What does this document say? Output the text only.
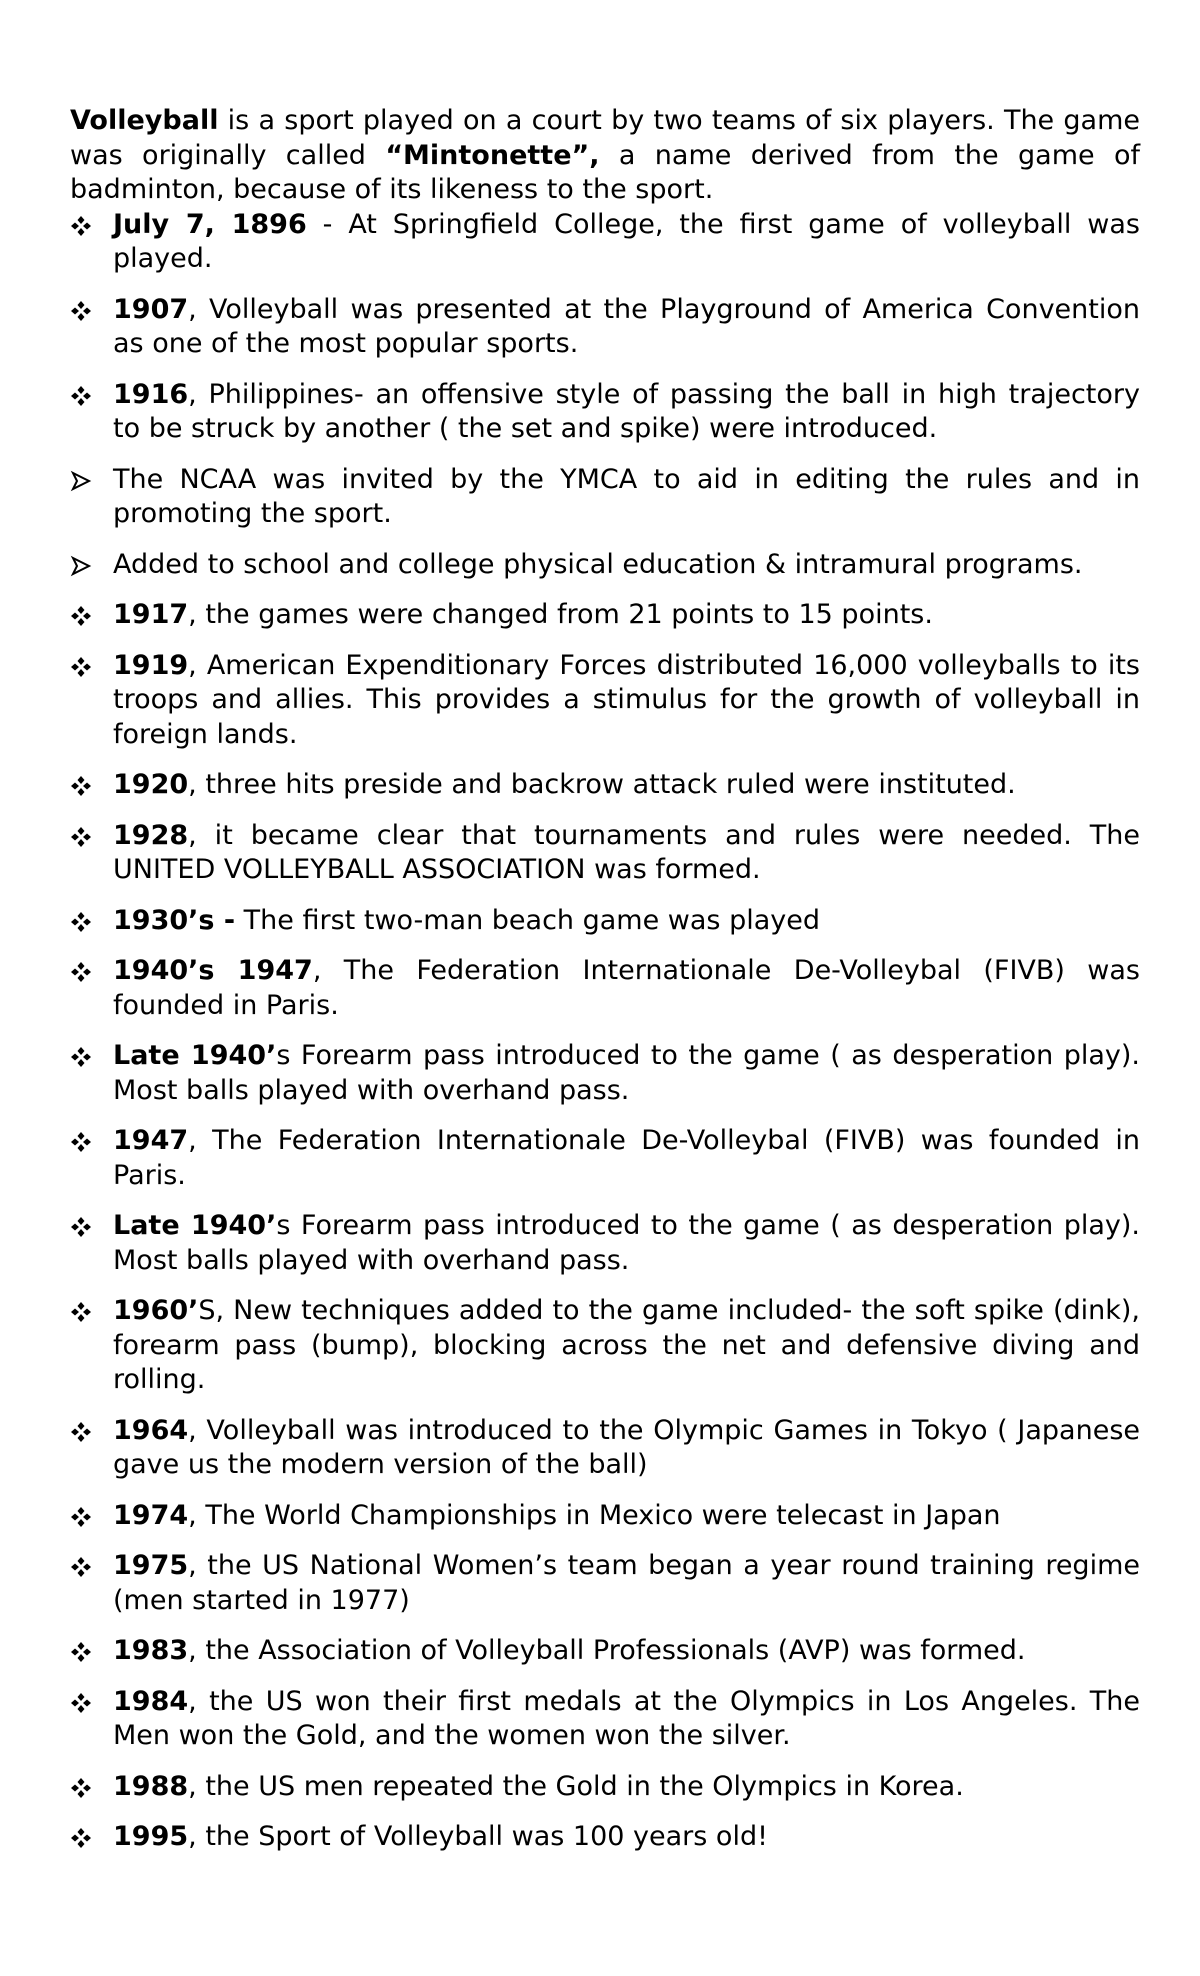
Volleyball is a sport played on a court by two teams of six players. The game was originally called “Mintonette”, a name derived from the game of badminton, because of its likeness to the sport.

July 7, 1896 - At Springfield College, the first game of volleyball was played.
1907, Volleyball was presented at the Playground of America Convention as one of the most popular sports.
1916, Philippines- an offensive style of passing the ball in high trajectory to be struck by another ( the set and spike) were introduced.
The NCAA was invited by the YMCA to aid in editing the rules and in promoting the sport.
Added to school and college physical education & intramural programs.
1917, the games were changed from 21 points to 15 points.
1919, American Expenditionary Forces distributed 16,000 volleyballs to its troops and allies. This provides a stimulus for the growth of volleyball in foreign lands.
1920, three hits preside and backrow attack ruled were instituted.
1928, it became clear that tournaments and rules were needed. The UNITED VOLLEYBALL ASSOCIATION was formed.
1930’s - The first two-man beach game was played
1940’s 1947, The Federation Internationale De-Volleybal (FIVB) was founded in Paris.
Late 1940’s Forearm pass introduced to the game ( as desperation play). Most balls played with overhand pass.
1947, The Federation Internationale De-Volleybal (FIVB) was founded in Paris.
Late 1940’s Forearm pass introduced to the game ( as desperation play). Most balls played with overhand pass.
1960’S, New techniques added to the game included- the soft spike (dink), forearm pass (bump), blocking across the net and defensive diving and rolling.
1964, Volleyball was introduced to the Olympic Games in Tokyo ( Japanese gave us the modern version of the ball)
1974, The World Championships in Mexico were telecast in Japan
1975, the US National Women’s team began a year round training regime (men started in 1977)
1983, the Association of Volleyball Professionals (AVP) was formed.
1984, the US won their first medals at the Olympics in Los Angeles. The Men won the Gold, and the women won the silver.
1988, the US men repeated the Gold in the Olympics in Korea.
1995, the Sport of Volleyball was 100 years old!
